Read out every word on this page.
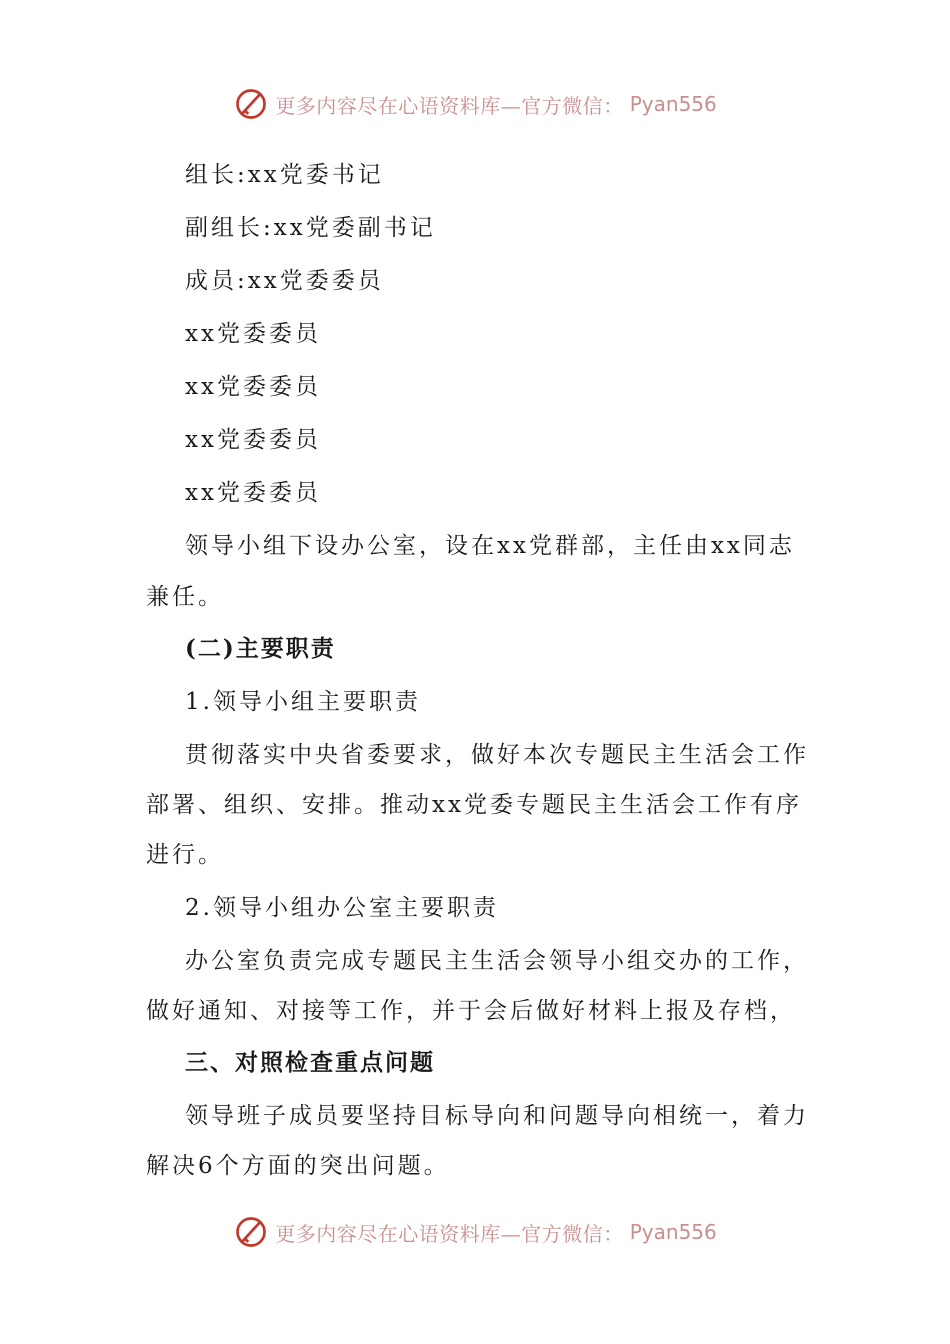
更多内容尽在心语资料库—官方微信： Pyan556
组长:xx党委书记
副组长:xx党委副书记
成员:xx党委委员
xx党委委员
xx党委委员
xx党委委员
xx党委委员
领导小组下设办公室，设在xx党群部，主任由xx同志
兼任。
(二)主要职责
1.领导小组主要职责
贯彻落实中央省委要求，做好本次专题民主生活会工作
部署、组织、安排。推动xx党委专题民主生活会工作有序
进行。
2.领导小组办公室主要职责
办公室负责完成专题民主生活会领导小组交办的工作，
做好通知、对接等工作，并于会后做好材料上报及存档，
三、对照检查重点问题
领导班子成员要坚持目标导向和问题导向相统一，着力
解决6个方面的突出问题。
更多内容尽在心语资料库—官方微信： Pyan556
